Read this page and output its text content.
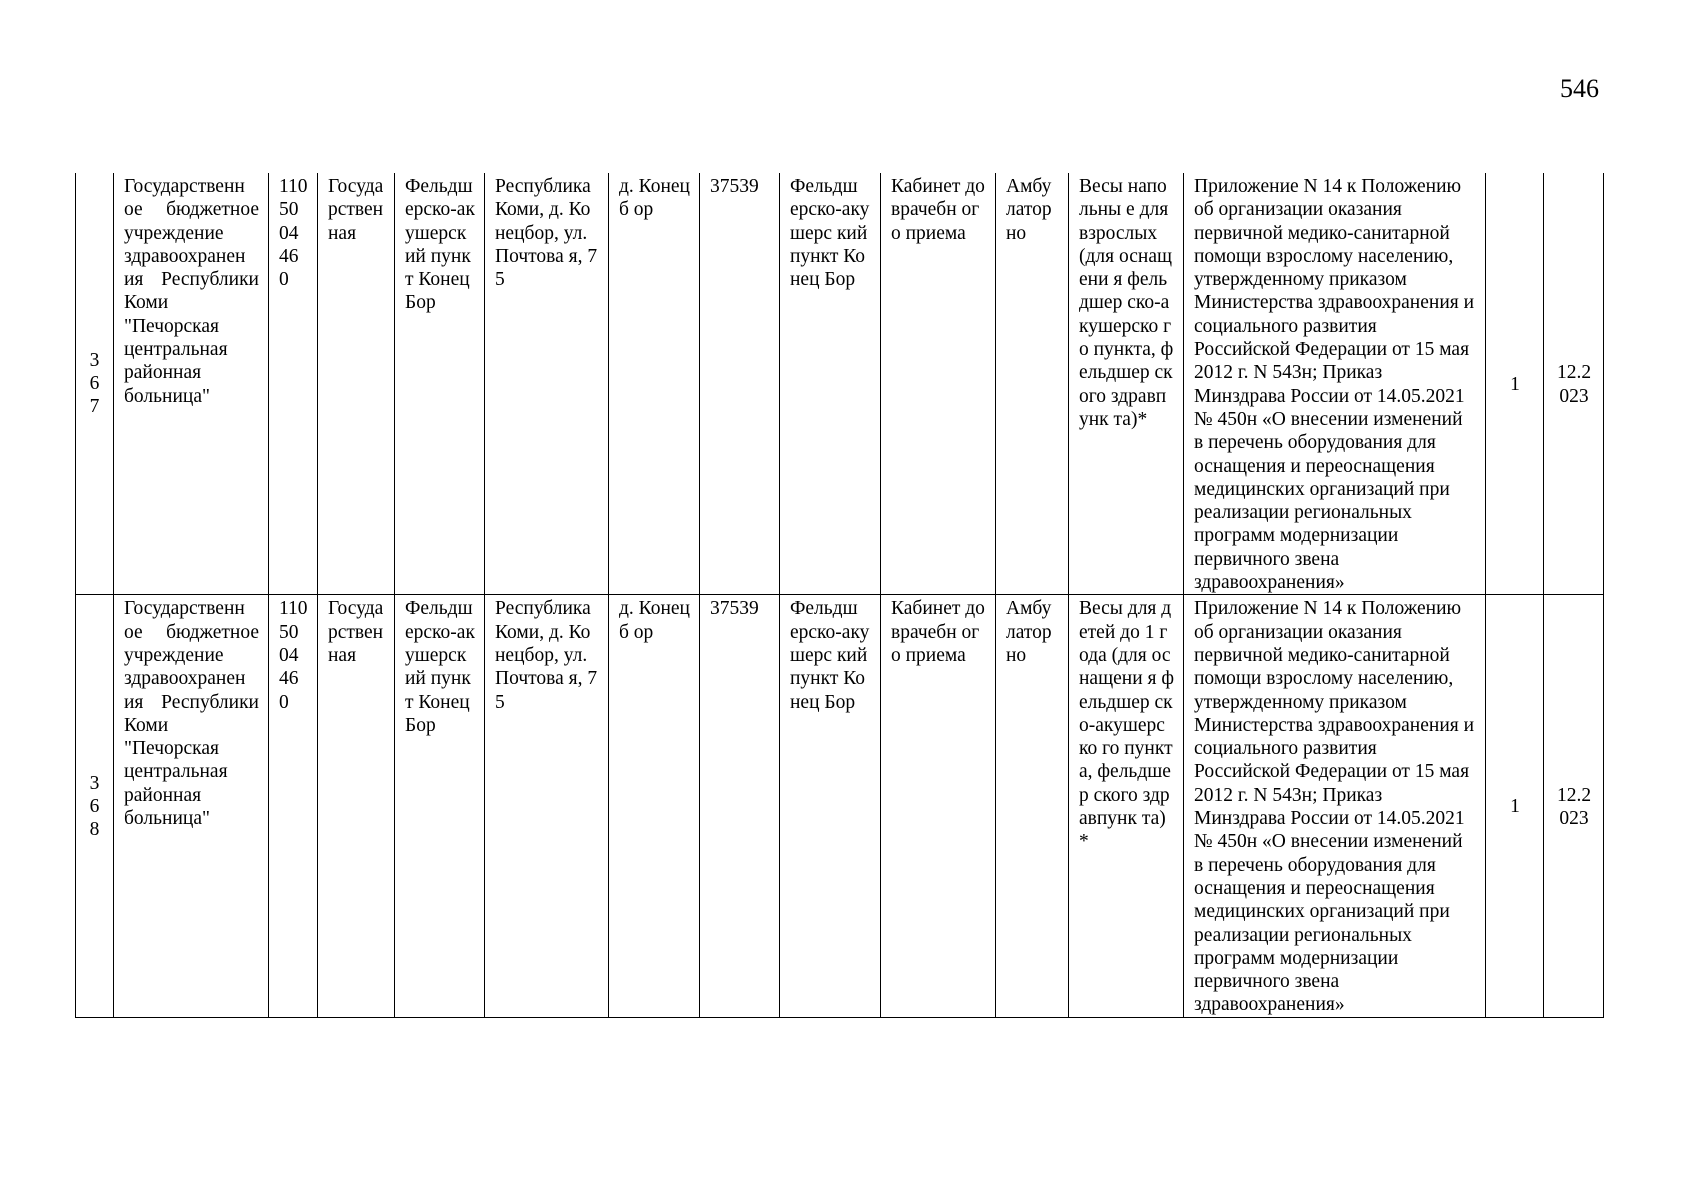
546
367	Государственн ое бюджетное учреждение здравоохранен ия Республики Коми "Печорская центральная районная больница"	1105004460	Государственная	Фельдшерско-акушерский пункт Конец Бор	Республика Коми, д. Конецбор, ул.Почтова я, 75	д. Конецб ор	37539	Фельдш ерско-акушерс кий пункт Конец Бор	Кабинет доврачебн ого приема	Амбулаторно	Весы напольны е для взрослых (для оснащени я фельдшер ско-акушерско го пункта, фельдшер ского здравпунк та)*	Приложение N 14 к Положению об организации оказания первичной медико-санитарной помощи взрослому населению, утвержденному приказом Министерства здравоохранения и социального развития Российской Федерации от 15 мая 2012 г. N 543н; Приказ Минздрава России от 14.05.2021 № 450н «О внесении изменений в перечень оборудования для оснащения и переоснащения медицинских организаций при реализации региональных программ модернизации первичного звена здравоохранения»	1	12.2023

368	Государственн ое бюджетное учреждение здравоохранен ия Республики Коми "Печорская центральная районная больница"	1105004460	Государственная	Фельдшерско-акушерский пункт Конец Бор	Республика Коми, д. Конецбор, ул.Почтова я, 75	д. Конецб ор	37539	Фельдш ерско-акушерс кий пункт Конец Бор	Кабинет доврачебн ого приема	Амбулаторно	Весы для детей до 1 года (для оснащени я фельдшер ско-акушерско го пункта, фельдшер ского здравпунк та)*	Приложение N 14 к Положению об организации оказания первичной медико-санитарной помощи взрослому населению, утвержденному приказом Министерства здравоохранения и социального развития Российской Федерации от 15 мая 2012 г. N 543н; Приказ Минздрава России от 14.05.2021 № 450н «О внесении изменений в перечень оборудования для оснащения и переоснащения медицинских организаций при реализации региональных программ модернизации первичного звена здравоохранения»	1	12.2023
